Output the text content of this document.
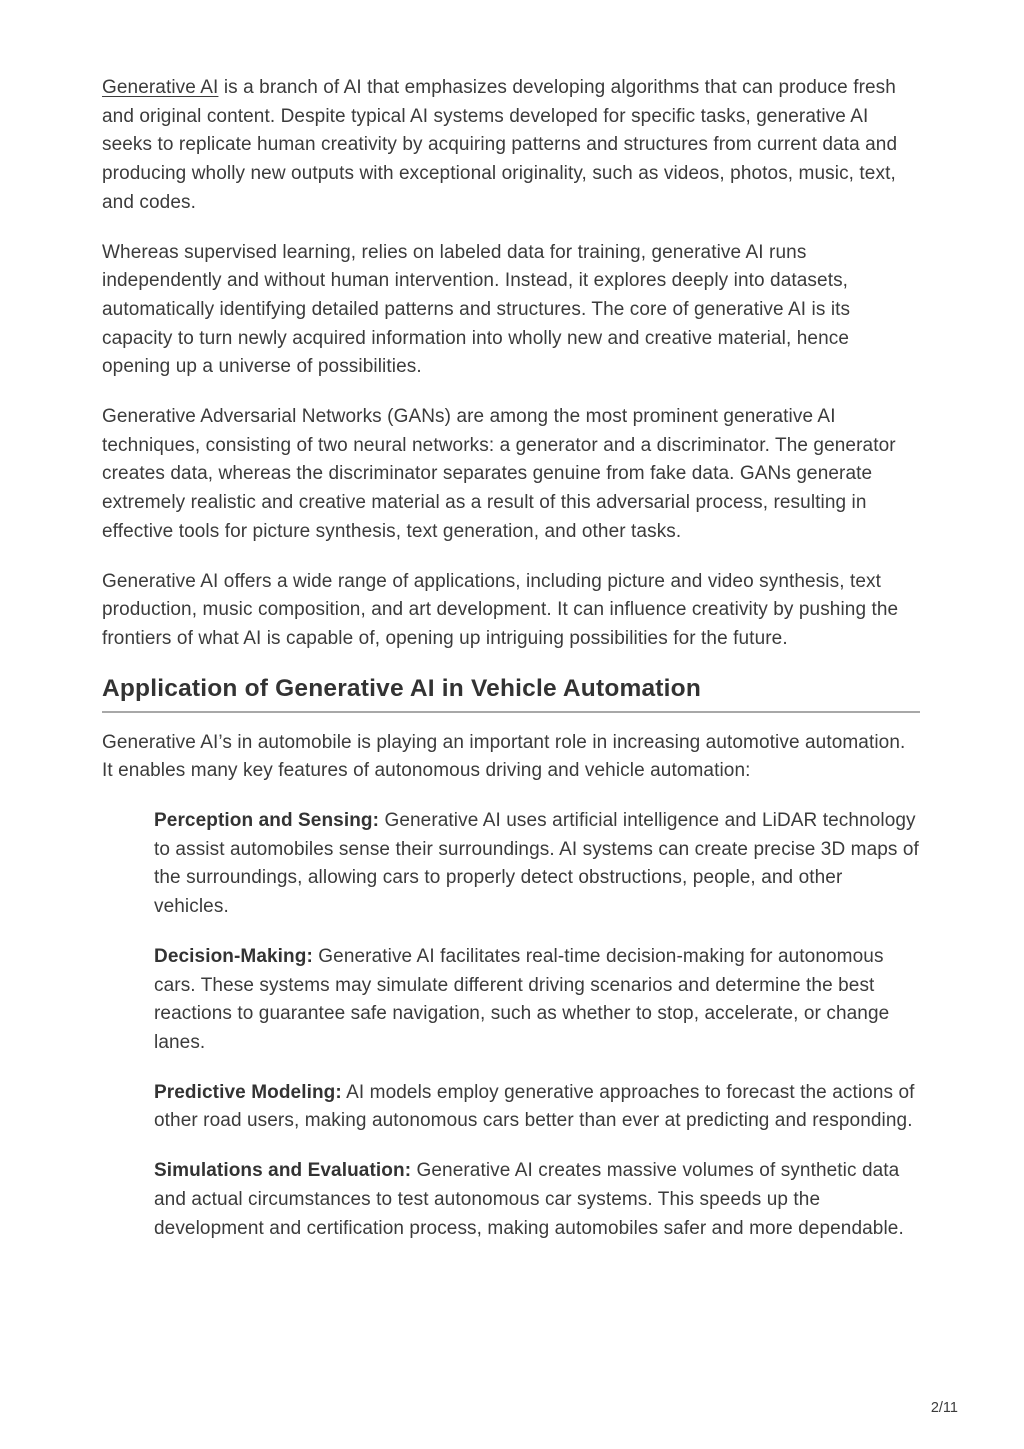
Generative AI is a branch of AI that emphasizes developing algorithms that can produce fresh and original content. Despite typical AI systems developed for specific tasks, generative AI seeks to replicate human creativity by acquiring patterns and structures from current data and producing wholly new outputs with exceptional originality, such as videos, photos, music, text, and codes.

Whereas supervised learning, relies on labeled data for training, generative AI runs independently and without human intervention. Instead, it explores deeply into datasets, automatically identifying detailed patterns and structures. The core of generative AI is its capacity to turn newly acquired information into wholly new and creative material, hence opening up a universe of possibilities.

Generative Adversarial Networks (GANs) are among the most prominent generative AI techniques, consisting of two neural networks: a generator and a discriminator. The generator creates data, whereas the discriminator separates genuine from fake data. GANs generate extremely realistic and creative material as a result of this adversarial process, resulting in effective tools for picture synthesis, text generation, and other tasks.

Generative AI offers a wide range of applications, including picture and video synthesis, text production, music composition, and art development. It can influence creativity by pushing the frontiers of what AI is capable of, opening up intriguing possibilities for the future.

Application of Generative AI in Vehicle Automation

Generative AI’s in automobile is playing an important role in increasing automotive automation. It enables many key features of autonomous driving and vehicle automation:

Perception and Sensing: Generative AI uses artificial intelligence and LiDAR technology to assist automobiles sense their surroundings. AI systems can create precise 3D maps of the surroundings, allowing cars to properly detect obstructions, people, and other vehicles.

Decision-Making: Generative AI facilitates real-time decision-making for autonomous cars. These systems may simulate different driving scenarios and determine the best reactions to guarantee safe navigation, such as whether to stop, accelerate, or change lanes.

Predictive Modeling: AI models employ generative approaches to forecast the actions of other road users, making autonomous cars better than ever at predicting and responding.

Simulations and Evaluation: Generative AI creates massive volumes of synthetic data and actual circumstances to test autonomous car systems. This speeds up the development and certification process, making automobiles safer and more dependable.

2/11
